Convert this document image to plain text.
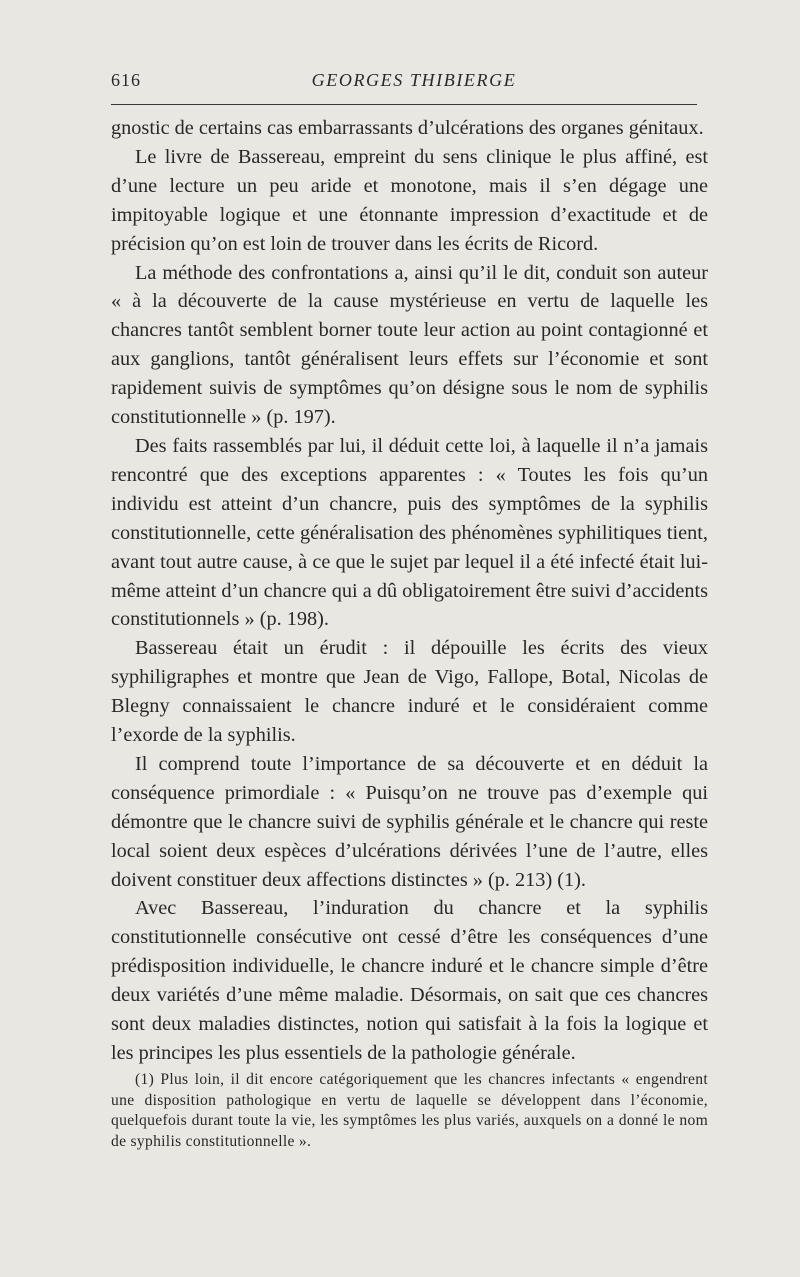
616	GEORGES THIBIERGE

gnostic de certains cas embarrassants d’ulcérations des organes génitaux.

Le livre de Bassereau, empreint du sens clinique le plus affiné, est d’une lecture un peu aride et monotone, mais il s’en dégage une impitoyable logique et une étonnante impression d’exactitude et de précision qu’on est loin de trouver dans les écrits de Ricord.

La méthode des confrontations a, ainsi qu’il le dit, conduit son auteur « à la découverte de la cause mystérieuse en vertu de laquelle les chancres tantôt semblent borner toute leur action au point contagionné et aux ganglions, tantôt généralisent leurs effets sur l’économie et sont rapidement suivis de symptômes qu’on désigne sous le nom de syphilis constitutionnelle » (p. 197).

Des faits rassemblés par lui, il déduit cette loi, à laquelle il n’a jamais rencontré que des exceptions apparentes : « Toutes les fois qu’un individu est atteint d’un chancre, puis des symptômes de la syphilis constitutionnelle, cette généralisation des phénomènes syphilitiques tient, avant tout autre cause, à ce que le sujet par lequel il a été infecté était lui-même atteint d’un chancre qui a dû obligatoirement être suivi d’accidents constitutionnels » (p. 198).

Bassereau était un érudit : il dépouille les écrits des vieux syphiligraphes et montre que Jean de Vigo, Fallope, Botal, Nicolas de Blegny connaissaient le chancre induré et le considéraient comme l’exorde de la syphilis.

Il comprend toute l’importance de sa découverte et en déduit la conséquence primordiale : « Puisqu’on ne trouve pas d’exemple qui démontre que le chancre suivi de syphilis générale et le chancre qui reste local soient deux espèces d’ulcérations dérivées l’une de l’autre, elles doivent constituer deux affections distinctes » (p. 213) (1).

Avec Bassereau, l’induration du chancre et la syphilis constitutionnelle consécutive ont cessé d’être les conséquences d’une prédisposition individuelle, le chancre induré et le chancre simple d’être deux variétés d’une même maladie. Désormais, on sait que ces chancres sont deux maladies distinctes, notion qui satisfait à la fois la logique et les principes les plus essentiels de la pathologie générale.

(1) Plus loin, il dit encore catégoriquement que les chancres infectants « engendrent une disposition pathologique en vertu de laquelle se développent dans l’économie, quelquefois durant toute la vie, les symptômes les plus variés, auxquels on a donné le nom de syphilis constitutionnelle ».
